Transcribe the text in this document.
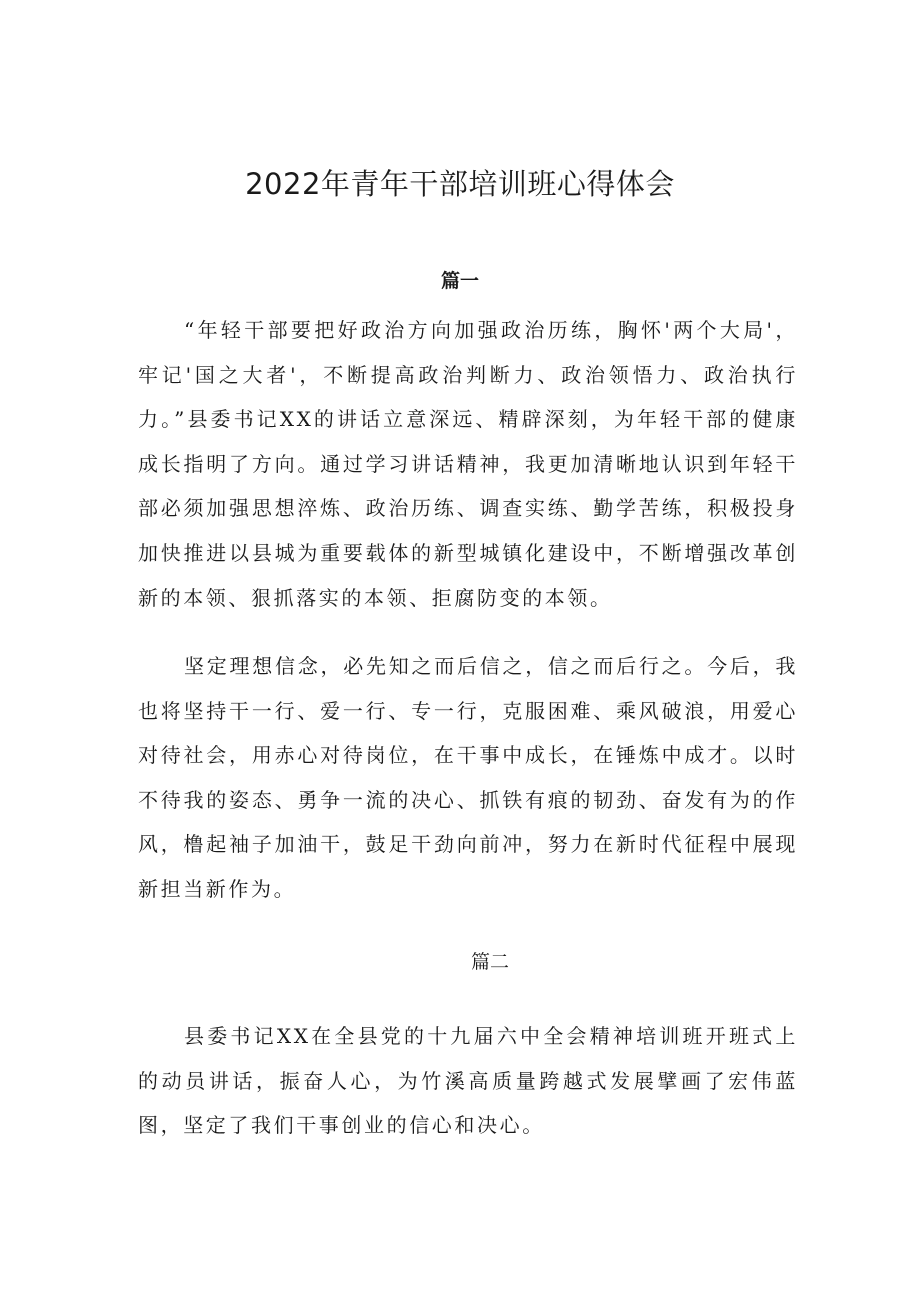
2022年青年干部培训班心得体会
篇一

“年轻干部要把好政治方向加强政治历练，胸怀'两个大局'，牢记'国之大者'，不断提高政治判断力、政治领悟力、政治执行力。”县委书记XX的讲话立意深远、精辟深刻，为年轻干部的健康成长指明了方向。通过学习讲话精神，我更加清晰地认识到年轻干部必须加强思想淬炼、政治历练、调查实练、勤学苦练，积极投身加快推进以县城为重要载体的新型城镇化建设中，不断增强改革创新的本领、狠抓落实的本领、拒腐防变的本领。

坚定理想信念，必先知之而后信之，信之而后行之。今后，我也将坚持干一行、爱一行、专一行，克服困难、乘风破浪，用爱心对待社会，用赤心对待岗位，在干事中成长，在锤炼中成才。以时不待我的姿态、勇争一流的决心、抓铁有痕的韧劲、奋发有为的作风，橹起袖子加油干，鼓足干劲向前冲，努力在新时代征程中展现新担当新作为。

篇二

县委书记XX在全县党的十九届六中全会精神培训班开班式上的动员讲话，振奋人心，为竹溪高质量跨越式发展擘画了宏伟蓝图，坚定了我们干事创业的信心和决心。
